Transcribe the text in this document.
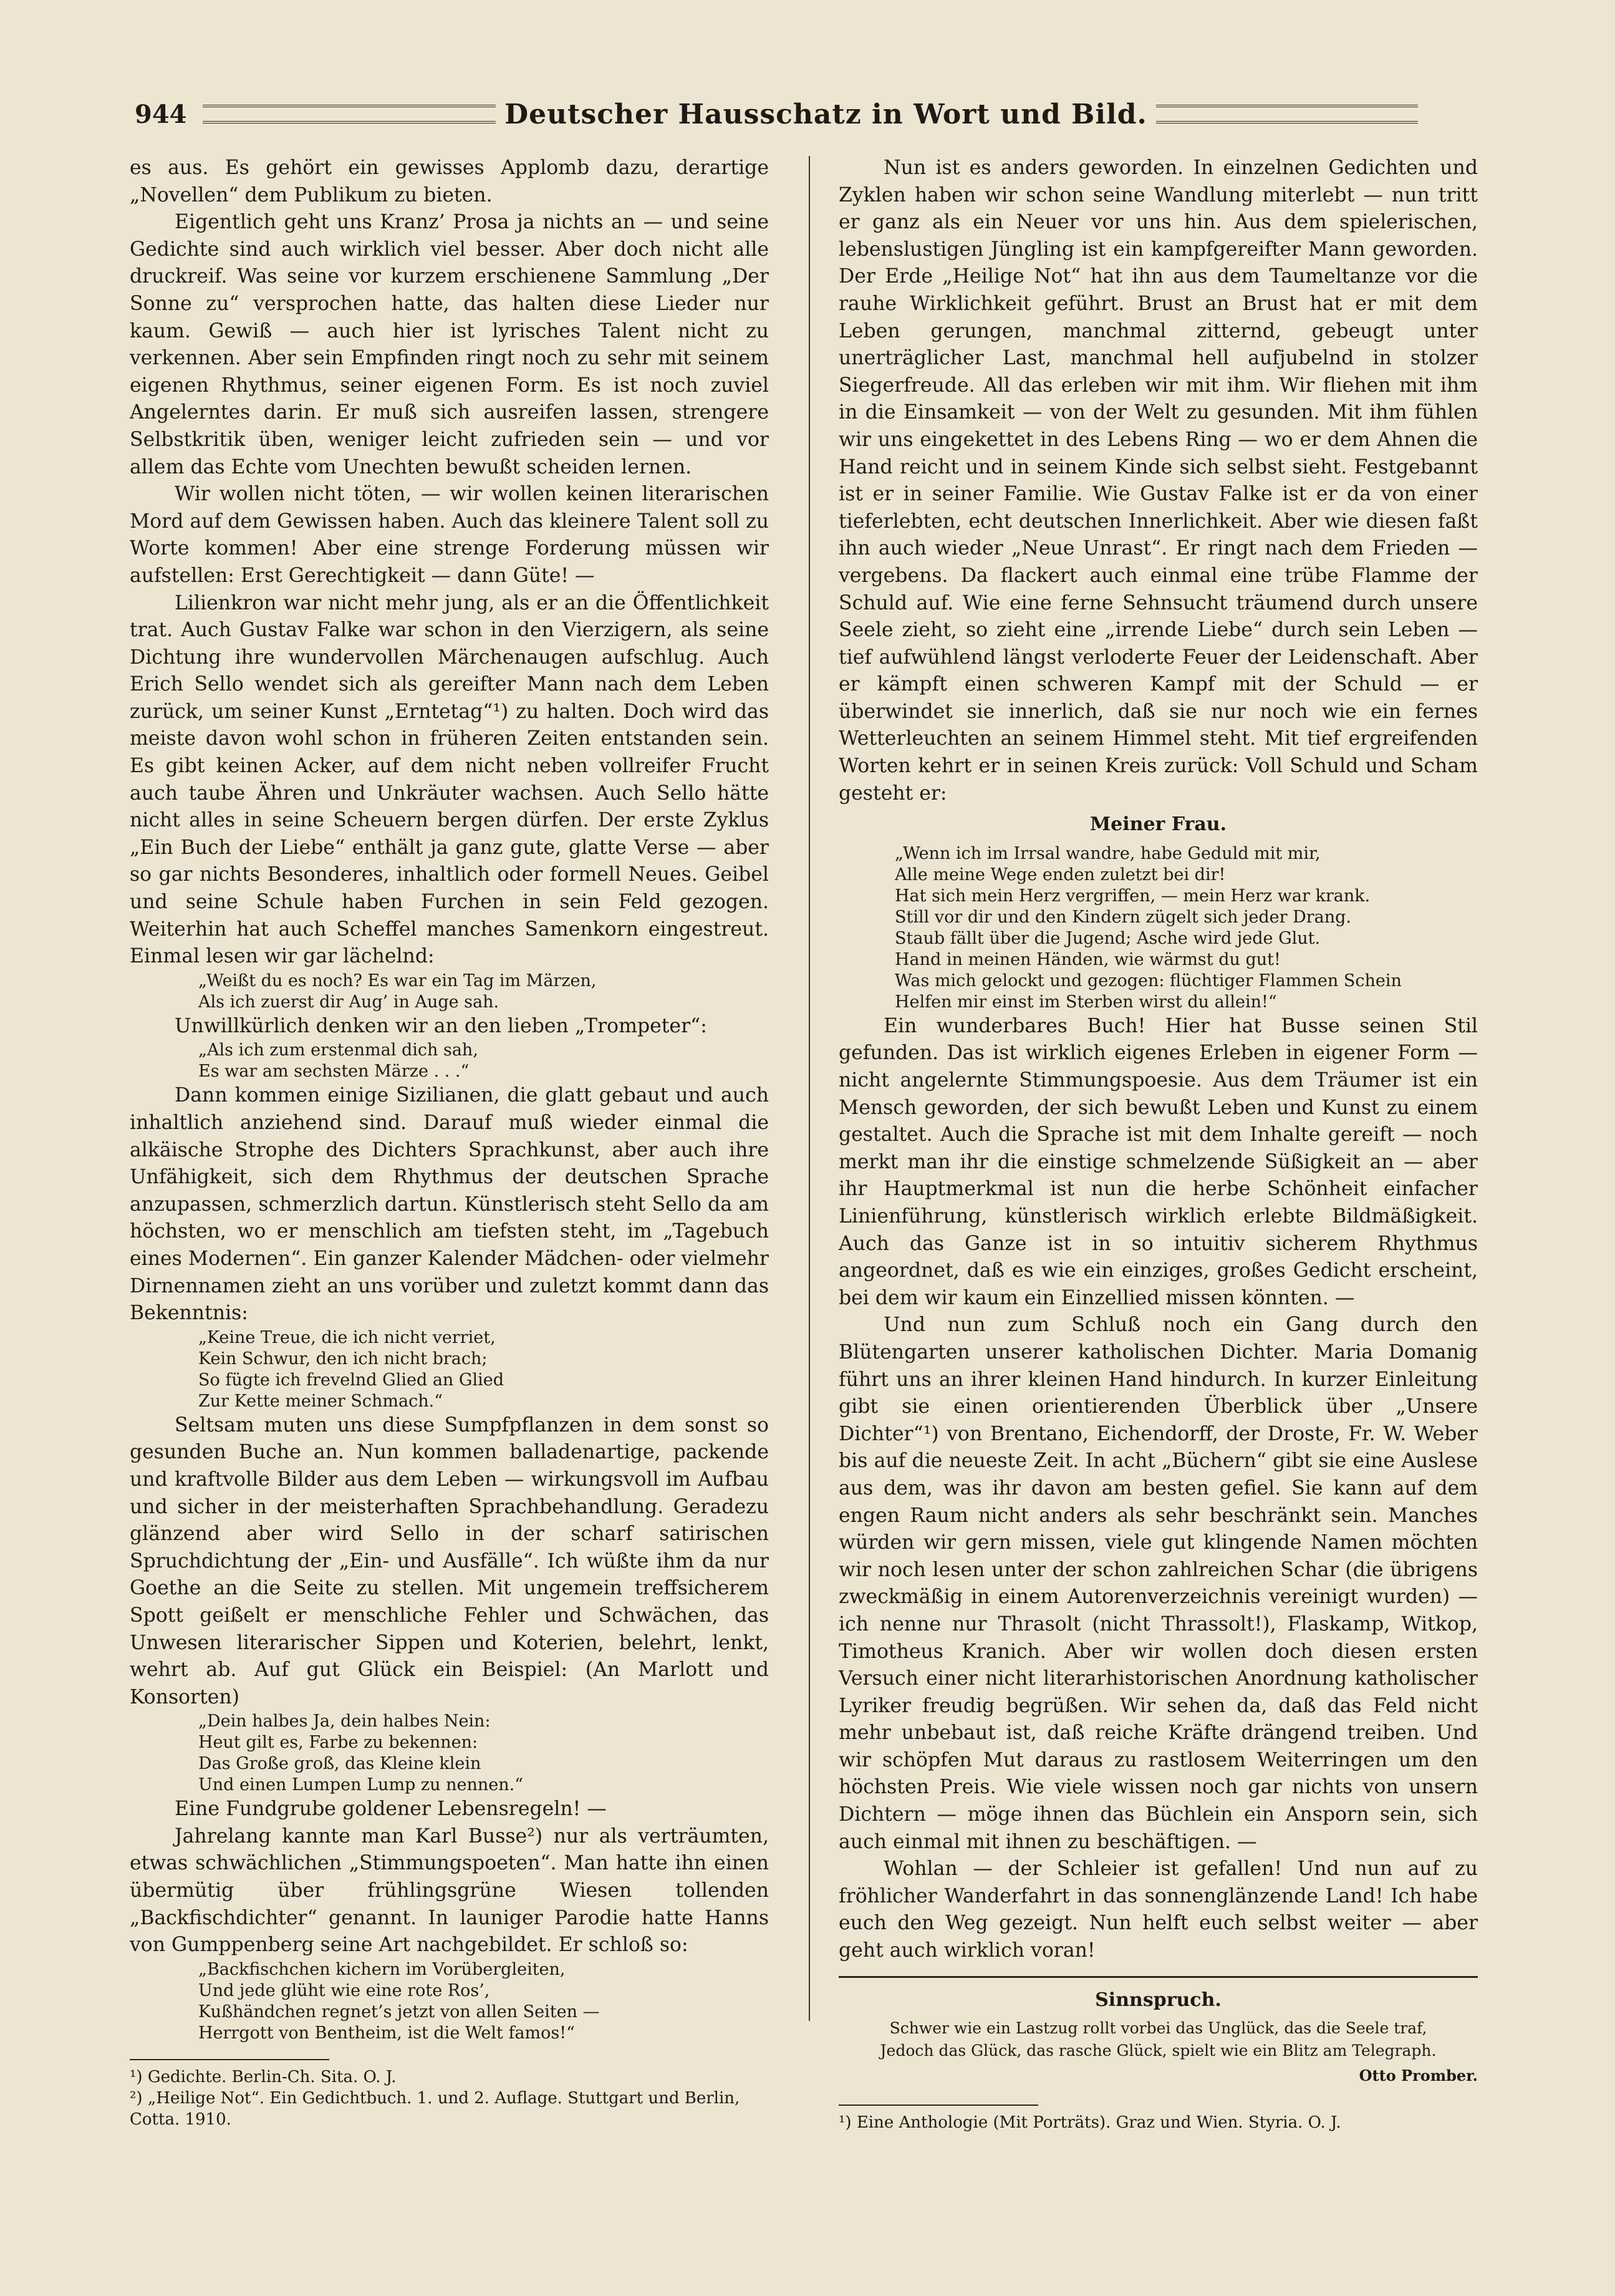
944	Deutscher Hausschatz in Wort und Bild.

es aus. Es gehört ein gewisses Applomb dazu, derartige „Novellen“ dem Publikum zu bieten.

Eigentlich geht uns Kranz’ Prosa ja nichts an — und seine Gedichte sind auch wirklich viel besser. Aber doch nicht alle druckreif. Was seine vor kurzem erschienene Sammlung „Der Sonne zu“ versprochen hatte, das halten diese Lieder nur kaum. Gewiß — auch hier ist lyrisches Talent nicht zu verkennen. Aber sein Empfinden ringt noch zu sehr mit seinem eigenen Rhythmus, seiner eigenen Form. Es ist noch zuviel Angelerntes darin. Er muß sich ausreifen lassen, strengere Selbstkritik üben, weniger leicht zufrieden sein — und vor allem das Echte vom Unechten bewußt scheiden lernen.

Wir wollen nicht töten, — wir wollen keinen literarischen Mord auf dem Gewissen haben. Auch das kleinere Talent soll zu Worte kommen! Aber eine strenge Forderung müssen wir aufstellen: Erst Gerechtigkeit — dann Güte! —

Lilienkron war nicht mehr jung, als er an die Öffentlichkeit trat. Auch Gustav Falke war schon in den Vierzigern, als seine Dichtung ihre wundervollen Märchenaugen aufschlug. Auch Erich Sello wendet sich als gereifter Mann nach dem Leben zurück, um seiner Kunst „Erntetag“¹) zu halten. Doch wird das meiste davon wohl schon in früheren Zeiten entstanden sein. Es gibt keinen Acker, auf dem nicht neben vollreifer Frucht auch taube Ähren und Unkräuter wachsen. Auch Sello hätte nicht alles in seine Scheuern bergen dürfen. Der erste Zyklus „Ein Buch der Liebe“ enthält ja ganz gute, glatte Verse — aber so gar nichts Besonderes, inhaltlich oder formell Neues. Geibel und seine Schule haben Furchen in sein Feld gezogen. Weiterhin hat auch Scheffel manches Samenkorn eingestreut. Einmal lesen wir gar lächelnd:

„Weißt du es noch? Es war ein Tag im Märzen,
Als ich zuerst dir Aug’ in Auge sah.

Unwillkürlich denken wir an den lieben „Trompeter“:

„Als ich zum erstenmal dich sah,
Es war am sechsten Märze . . .“

Dann kommen einige Sizilianen, die glatt gebaut und auch inhaltlich anziehend sind. Darauf muß wieder einmal die alkäische Strophe des Dichters Sprachkunst, aber auch ihre Unfähigkeit, sich dem Rhythmus der deutschen Sprache anzupassen, schmerzlich dartun. Künstlerisch steht Sello da am höchsten, wo er menschlich am tiefsten steht, im „Tagebuch eines Modernen“. Ein ganzer Kalender Mädchen- oder vielmehr Dirnennamen zieht an uns vorüber und zuletzt kommt dann das Bekenntnis:

„Keine Treue, die ich nicht verriet,
Kein Schwur, den ich nicht brach;
So fügte ich frevelnd Glied an Glied
Zur Kette meiner Schmach.“

Seltsam muten uns diese Sumpfpflanzen in dem sonst so gesunden Buche an. Nun kommen balladenartige, packende und kraftvolle Bilder aus dem Leben — wirkungsvoll im Aufbau und sicher in der meisterhaften Sprachbehandlung. Geradezu glänzend aber wird Sello in der scharf satirischen Spruchdichtung der „Ein- und Ausfälle“. Ich wüßte ihm da nur Goethe an die Seite zu stellen. Mit ungemein treffsicherem Spott geißelt er menschliche Fehler und Schwächen, das Unwesen literarischer Sippen und Koterien, belehrt, lenkt, wehrt ab. Auf gut Glück ein Beispiel: (An Marlott und Konsorten)

„Dein halbes Ja, dein halbes Nein:
Heut gilt es, Farbe zu bekennen:
Das Große groß, das Kleine klein
Und einen Lumpen Lump zu nennen.“

Eine Fundgrube goldener Lebensregeln! —

Jahrelang kannte man Karl Busse²) nur als verträumten, etwas schwächlichen „Stimmungspoeten“. Man hatte ihn einen übermütig über frühlingsgrüne Wiesen tollenden „Backfischdichter“ genannt. In launiger Parodie hatte Hanns von Gumppenberg seine Art nachgebildet. Er schloß so:

„Backfischchen kichern im Vorübergleiten,
Und jede glüht wie eine rote Ros’,
Kußhändchen regnet’s jetzt von allen Seiten —
Herrgott von Bentheim, ist die Welt famos!“
¹) Gedichte. Berlin-Ch. Sita. O. J.
²) „Heilige Not“. Ein Gedichtbuch. 1. und 2. Auflage. Stuttgart und Berlin, Cotta. 1910.

Nun ist es anders geworden. In einzelnen Gedichten und Zyklen haben wir schon seine Wandlung miterlebt — nun tritt er ganz als ein Neuer vor uns hin. Aus dem spielerischen, lebenslustigen Jüngling ist ein kampfgereifter Mann geworden. Der Erde „Heilige Not“ hat ihn aus dem Taumeltanze vor die rauhe Wirklichkeit geführt. Brust an Brust hat er mit dem Leben gerungen, manchmal zitternd, gebeugt unter unerträglicher Last, manchmal hell aufjubelnd in stolzer Siegerfreude. All das erleben wir mit ihm. Wir fliehen mit ihm in die Einsamkeit — von der Welt zu gesunden. Mit ihm fühlen wir uns eingekettet in des Lebens Ring — wo er dem Ahnen die Hand reicht und in seinem Kinde sich selbst sieht. Festgebannt ist er in seiner Familie. Wie Gustav Falke ist er da von einer tieferlebten, echt deutschen Innerlichkeit. Aber wie diesen faßt ihn auch wieder „Neue Unrast“. Er ringt nach dem Frieden — vergebens. Da flackert auch einmal eine trübe Flamme der Schuld auf. Wie eine ferne Sehnsucht träumend durch unsere Seele zieht, so zieht eine „irrende Liebe“ durch sein Leben — tief aufwühlend längst verloderte Feuer der Leidenschaft. Aber er kämpft einen schweren Kampf mit der Schuld — er überwindet sie innerlich, daß sie nur noch wie ein fernes Wetterleuchten an seinem Himmel steht. Mit tief ergreifenden Worten kehrt er in seinen Kreis zurück: Voll Schuld und Scham gesteht er:

Meiner Frau.
„Wenn ich im Irrsal wandre, habe Geduld mit mir,
Alle meine Wege enden zuletzt bei dir!
Hat sich mein Herz vergriffen, — mein Herz war krank.
Still vor dir und den Kindern zügelt sich jeder Drang.
Staub fällt über die Jugend; Asche wird jede Glut.
Hand in meinen Händen, wie wärmst du gut!
Was mich gelockt und gezogen: flüchtiger Flammen Schein
Helfen mir einst im Sterben wirst du allein!“

Ein wunderbares Buch! Hier hat Busse seinen Stil gefunden. Das ist wirklich eigenes Erleben in eigener Form — nicht angelernte Stimmungspoesie. Aus dem Träumer ist ein Mensch geworden, der sich bewußt Leben und Kunst zu einem gestaltet. Auch die Sprache ist mit dem Inhalte gereift — noch merkt man ihr die einstige schmelzende Süßigkeit an — aber ihr Hauptmerkmal ist nun die herbe Schönheit einfacher Linienführung, künstlerisch wirklich erlebte Bildmäßigkeit. Auch das Ganze ist in so intuitiv sicherem Rhythmus angeordnet, daß es wie ein einziges, großes Gedicht erscheint, bei dem wir kaum ein Einzellied missen könnten. —

Und nun zum Schluß noch ein Gang durch den Blütengarten unserer katholischen Dichter. Maria Domanig führt uns an ihrer kleinen Hand hindurch. In kurzer Einleitung gibt sie einen orientierenden Überblick über „Unsere Dichter“¹) von Brentano, Eichendorff, der Droste, Fr. W. Weber bis auf die neueste Zeit. In acht „Büchern“ gibt sie eine Auslese aus dem, was ihr davon am besten gefiel. Sie kann auf dem engen Raum nicht anders als sehr beschränkt sein. Manches würden wir gern missen, viele gut klingende Namen möchten wir noch lesen unter der schon zahlreichen Schar (die übrigens zweckmäßig in einem Autorenverzeichnis vereinigt wurden) — ich nenne nur Thrasolt (nicht Thrassolt!), Flaskamp, Witkop, Timotheus Kranich. Aber wir wollen doch diesen ersten Versuch einer nicht literarhistorischen Anordnung katholischer Lyriker freudig begrüßen. Wir sehen da, daß das Feld nicht mehr unbebaut ist, daß reiche Kräfte drängend treiben. Und wir schöpfen Mut daraus zu rastlosem Weiterringen um den höchsten Preis. Wie viele wissen noch gar nichts von unsern Dichtern — möge ihnen das Büchlein ein Ansporn sein, sich auch einmal mit ihnen zu beschäftigen. —

Wohlan — der Schleier ist gefallen! Und nun auf zu fröhlicher Wanderfahrt in das sonnenglänzende Land! Ich habe euch den Weg gezeigt. Nun helft euch selbst weiter — aber geht auch wirklich voran!

Sinnspruch.
Schwer wie ein Lastzug rollt vorbei das Unglück, das die Seele traf,
Jedoch das Glück, das rasche Glück, spielt wie ein Blitz am Telegraph.
Otto Promber.
¹) Eine Anthologie (Mit Porträts). Graz und Wien. Styria. O. J.
